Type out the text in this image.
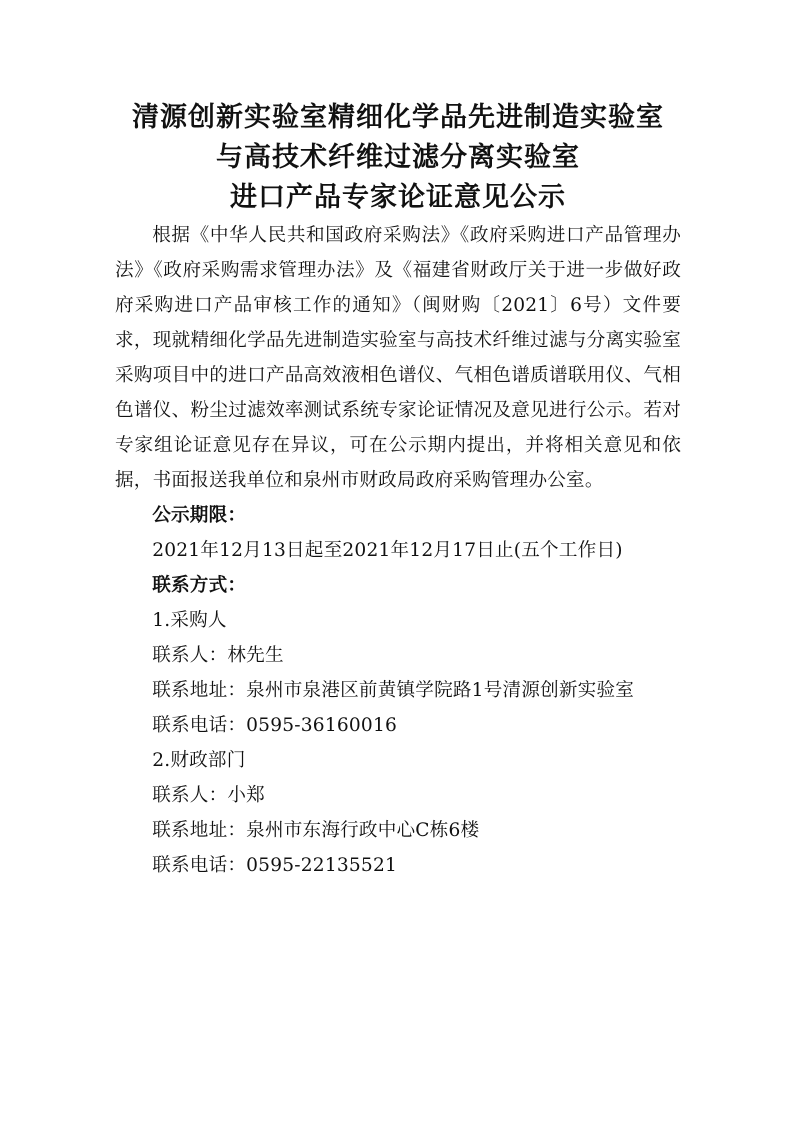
清源创新实验室精细化学品先进制造实验室
与高技术纤维过滤分离实验室
进口产品专家论证意见公示

根据《中华人民共和国政府采购法》《政府采购进口产品管理办法》《政府采购需求管理办法》及《福建省财政厅关于进一步做好政府采购进口产品审核工作的通知》（闽财购〔2021〕6号）文件要求，现就精细化学品先进制造实验室与高技术纤维过滤与分离实验室采购项目中的进口产品高效液相色谱仪、气相色谱质谱联用仪、气相色谱仪、粉尘过滤效率测试系统专家论证情况及意见进行公示。若对专家组论证意见存在异议，可在公示期内提出，并将相关意见和依据，书面报送我单位和泉州市财政局政府采购管理办公室。

公示期限：

2021年12月13日起至2021年12月17日止(五个工作日)

联系方式：

1.采购人

联系人：林先生

联系地址：泉州市泉港区前黄镇学院路1号清源创新实验室

联系电话：0595-36160016

2.财政部门

联系人：小郑

联系地址：泉州市东海行政中心C栋6楼

联系电话：0595-22135521
